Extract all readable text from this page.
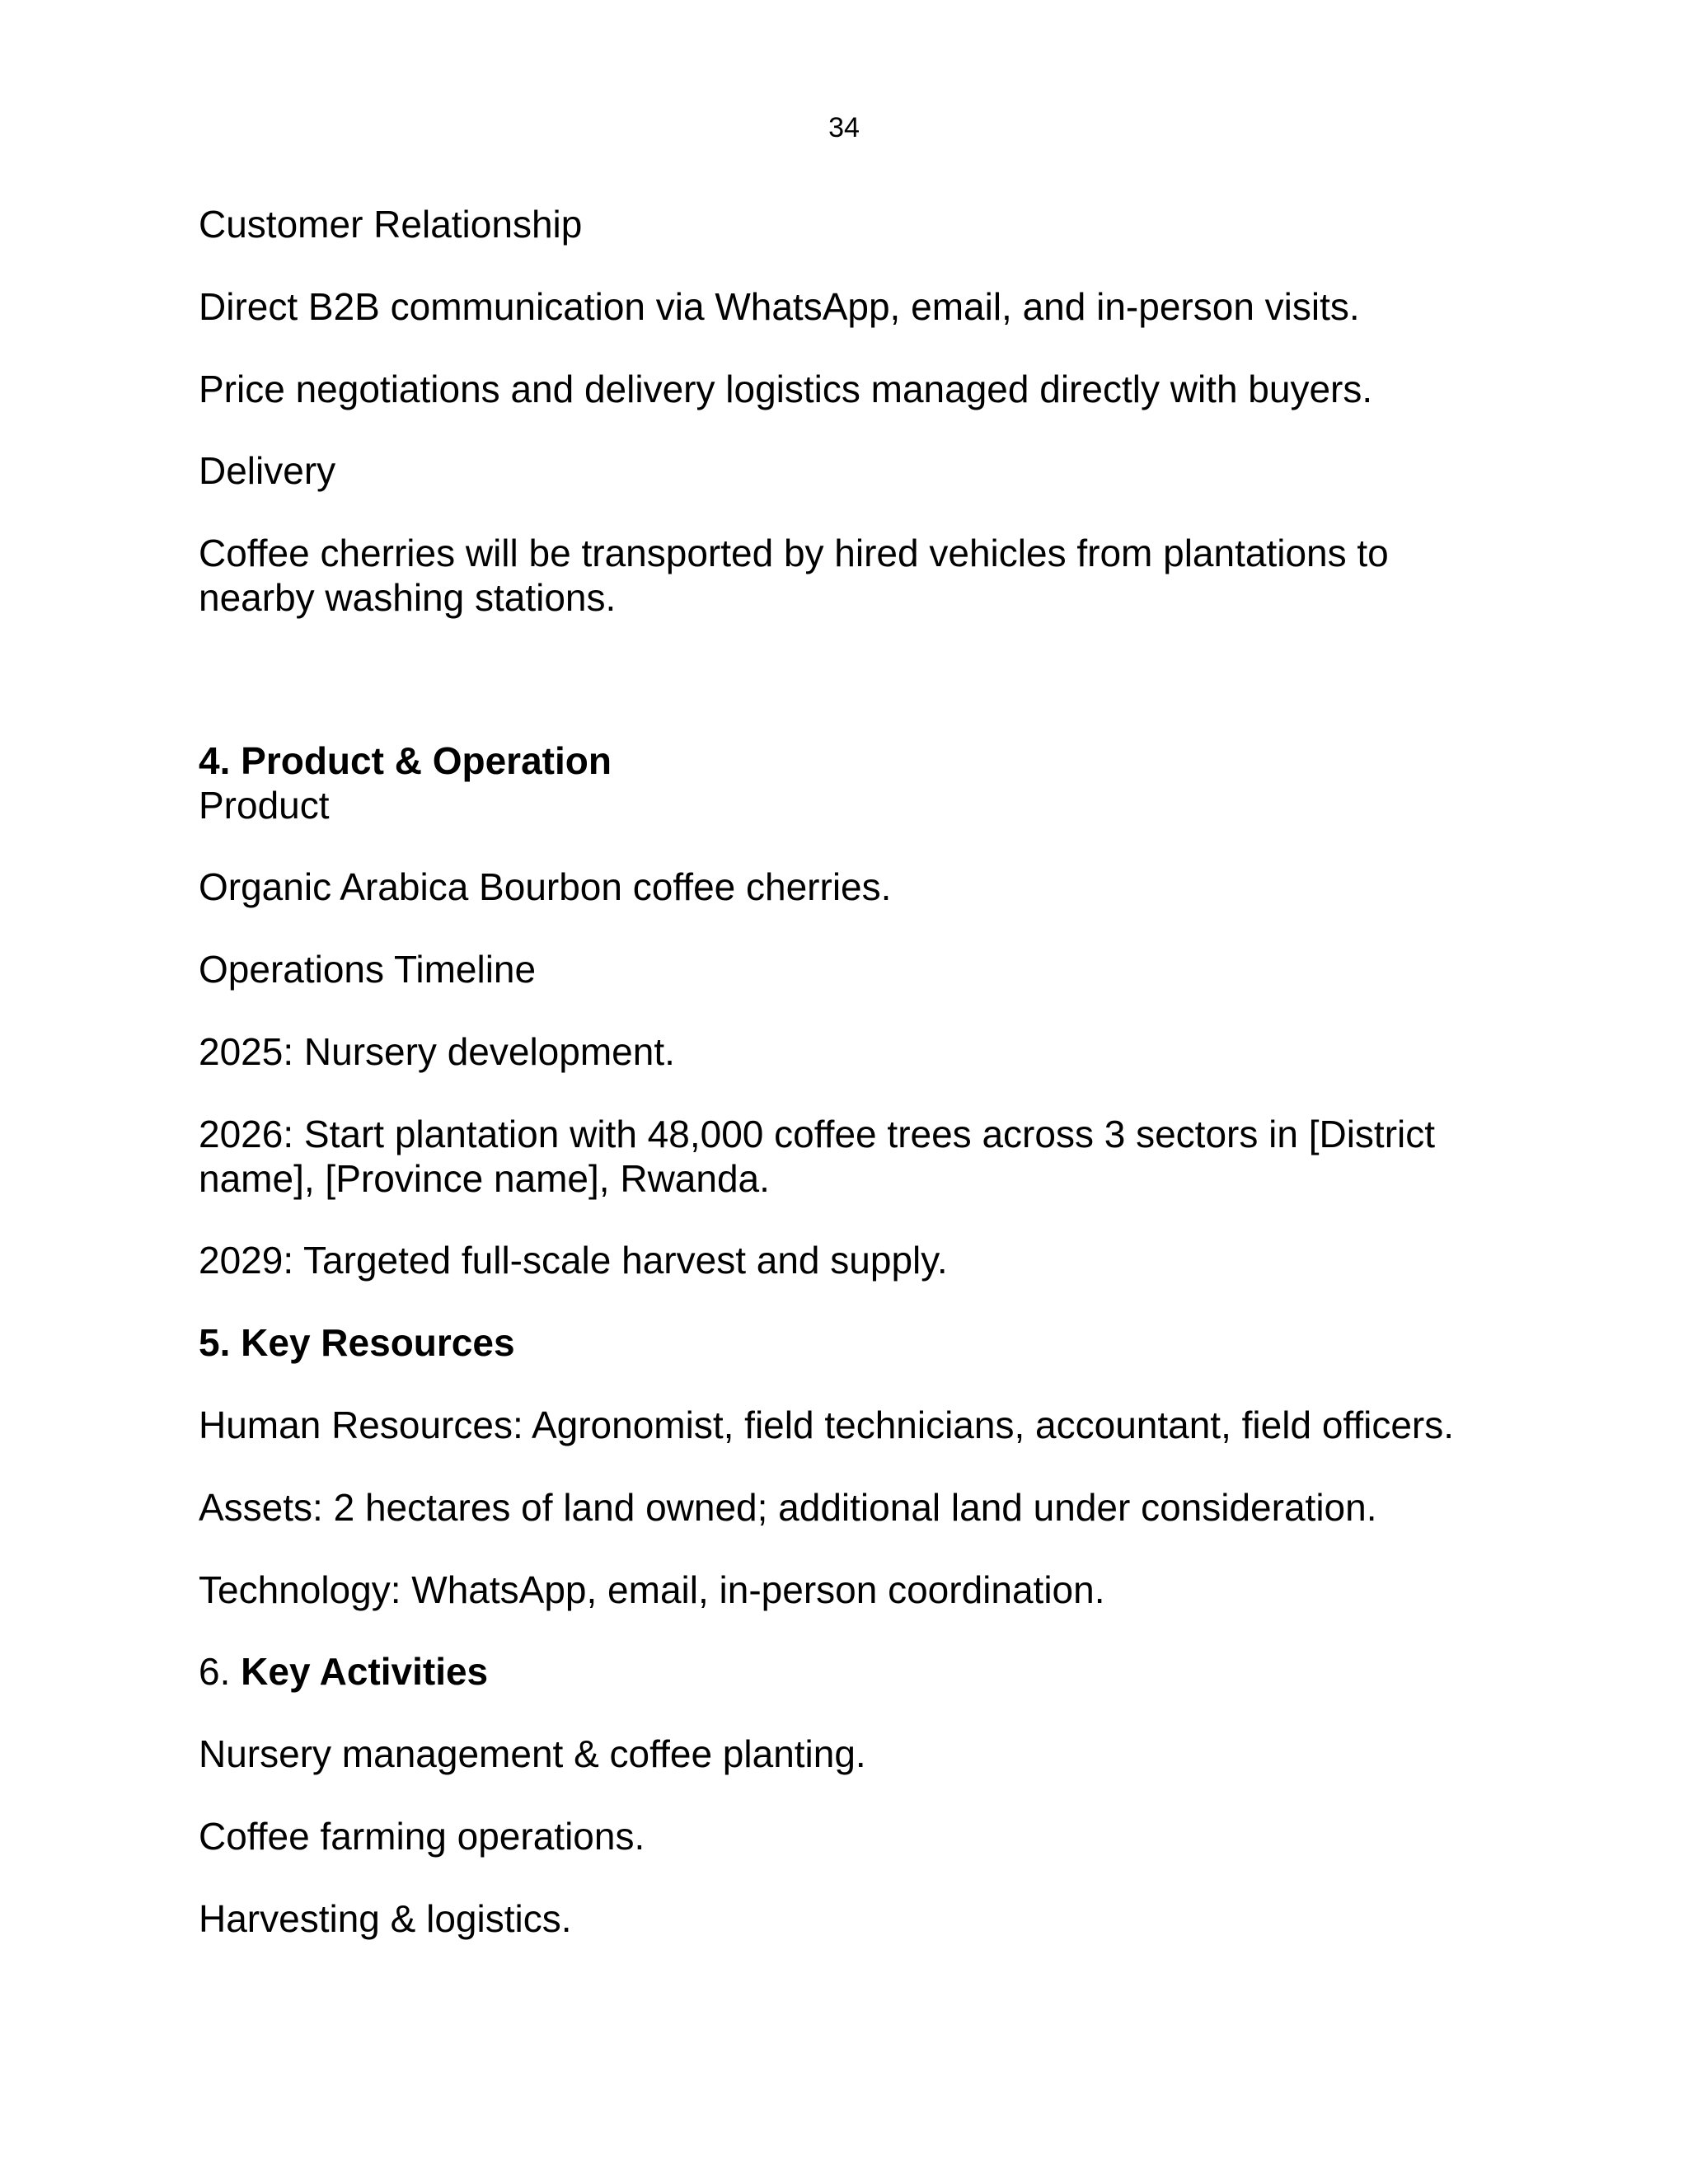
34
Customer Relationship
Direct B2B communication via WhatsApp, email, and in-person visits.
Price negotiations and delivery logistics managed directly with buyers.
Delivery
Coffee cherries will be transported by hired vehicles from plantations to
nearby washing stations.
4. Product & Operation
Product
Organic Arabica Bourbon coffee cherries.
Operations Timeline
2025: Nursery development.
2026: Start plantation with 48,000 coffee trees across 3 sectors in [District
name], [Province name], Rwanda.
2029: Targeted full-scale harvest and supply.
5. Key Resources
Human Resources: Agronomist, field technicians, accountant, field officers.
Assets: 2 hectares of land owned; additional land under consideration.
Technology: WhatsApp, email, in-person coordination.
6. Key Activities
Nursery management & coffee planting.
Coffee farming operations.
Harvesting & logistics.
